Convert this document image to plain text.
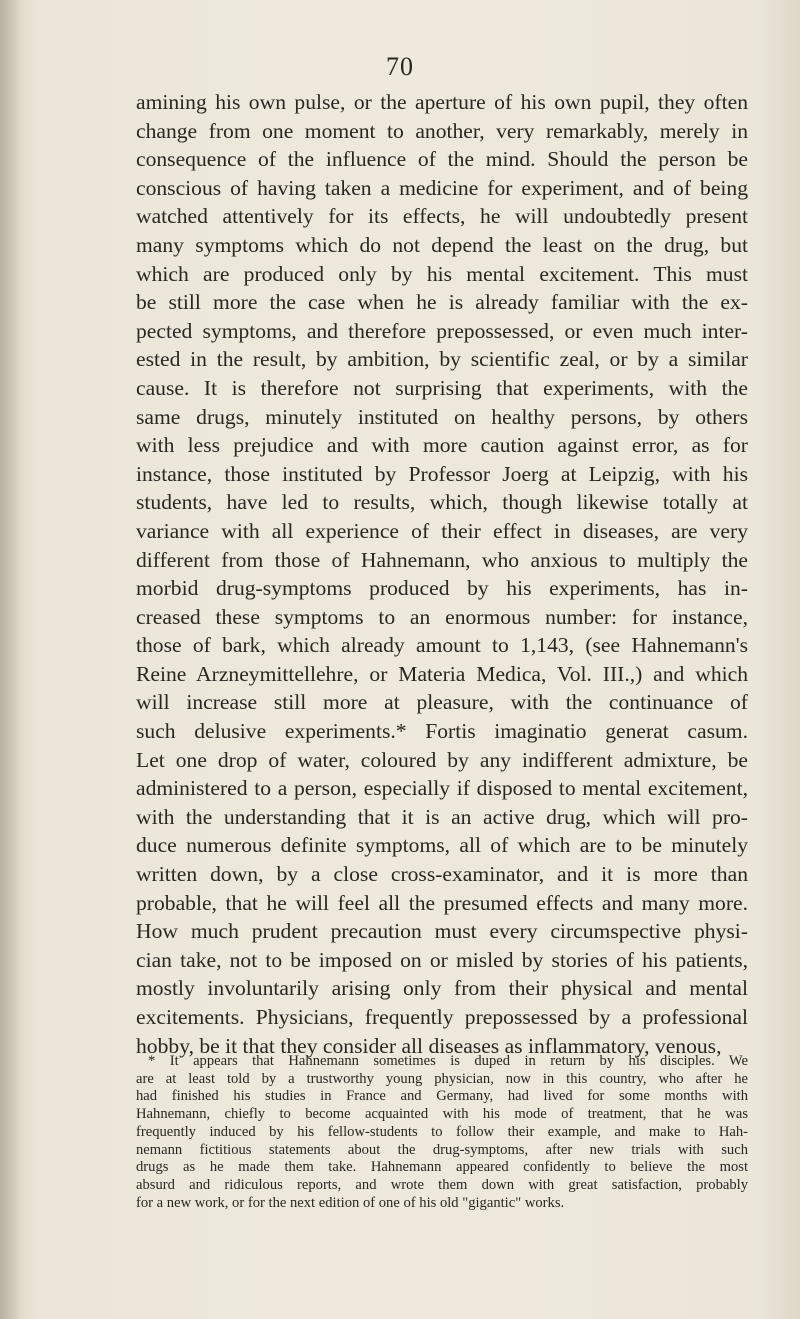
70
amining his own pulse, or the aperture of his own pupil, they often
change from one moment to another, very remarkably, merely in
consequence of the influence of the mind. Should the person be
conscious of having taken a medicine for experiment, and of being
watched attentively for its effects, he will undoubtedly present
many symptoms which do not depend the least on the drug, but
which are produced only by his mental excitement. This must
be still more the case when he is already familiar with the ex-
pected symptoms, and therefore prepossessed, or even much inter-
ested in the result, by ambition, by scientific zeal, or by a similar
cause. It is therefore not surprising that experiments, with the
same drugs, minutely instituted on healthy persons, by others
with less prejudice and with more caution against error, as for
instance, those instituted by Professor Joerg at Leipzig, with his
students, have led to results, which, though likewise totally at
variance with all experience of their effect in diseases, are very
different from those of Hahnemann, who anxious to multiply the
morbid drug-symptoms produced by his experiments, has in-
creased these symptoms to an enormous number: for instance,
those of bark, which already amount to 1,143, (see Hahnemann's
Reine Arzneymittellehre, or Materia Medica, Vol. III.,) and which
will increase still more at pleasure, with the continuance of
such delusive experiments.* Fortis imaginatio generat casum.
Let one drop of water, coloured by any indifferent admixture, be
administered to a person, especially if disposed to mental excitement,
with the understanding that it is an active drug, which will pro-
duce numerous definite symptoms, all of which are to be minutely
written down, by a close cross-examinator, and it is more than
probable, that he will feel all the presumed effects and many more.
How much prudent precaution must every circumspective physi-
cian take, not to be imposed on or misled by stories of his patients,
mostly involuntarily arising only from their physical and mental
excitements. Physicians, frequently prepossessed by a professional
hobby, be it that they consider all diseases as inflammatory, venous,
* It appears that Hahnemann sometimes is duped in return by his disciples. We
are at least told by a trustworthy young physician, now in this country, who after he
had finished his studies in France and Germany, had lived for some months with
Hahnemann, chiefly to become acquainted with his mode of treatment, that he was
frequently induced by his fellow-students to follow their example, and make to Hah-
nemann fictitious statements about the drug-symptoms, after new trials with such
drugs as he made them take. Hahnemann appeared confidently to believe the most
absurd and ridiculous reports, and wrote them down with great satisfaction, probably
for a new work, or for the next edition of one of his old "gigantic" works.
